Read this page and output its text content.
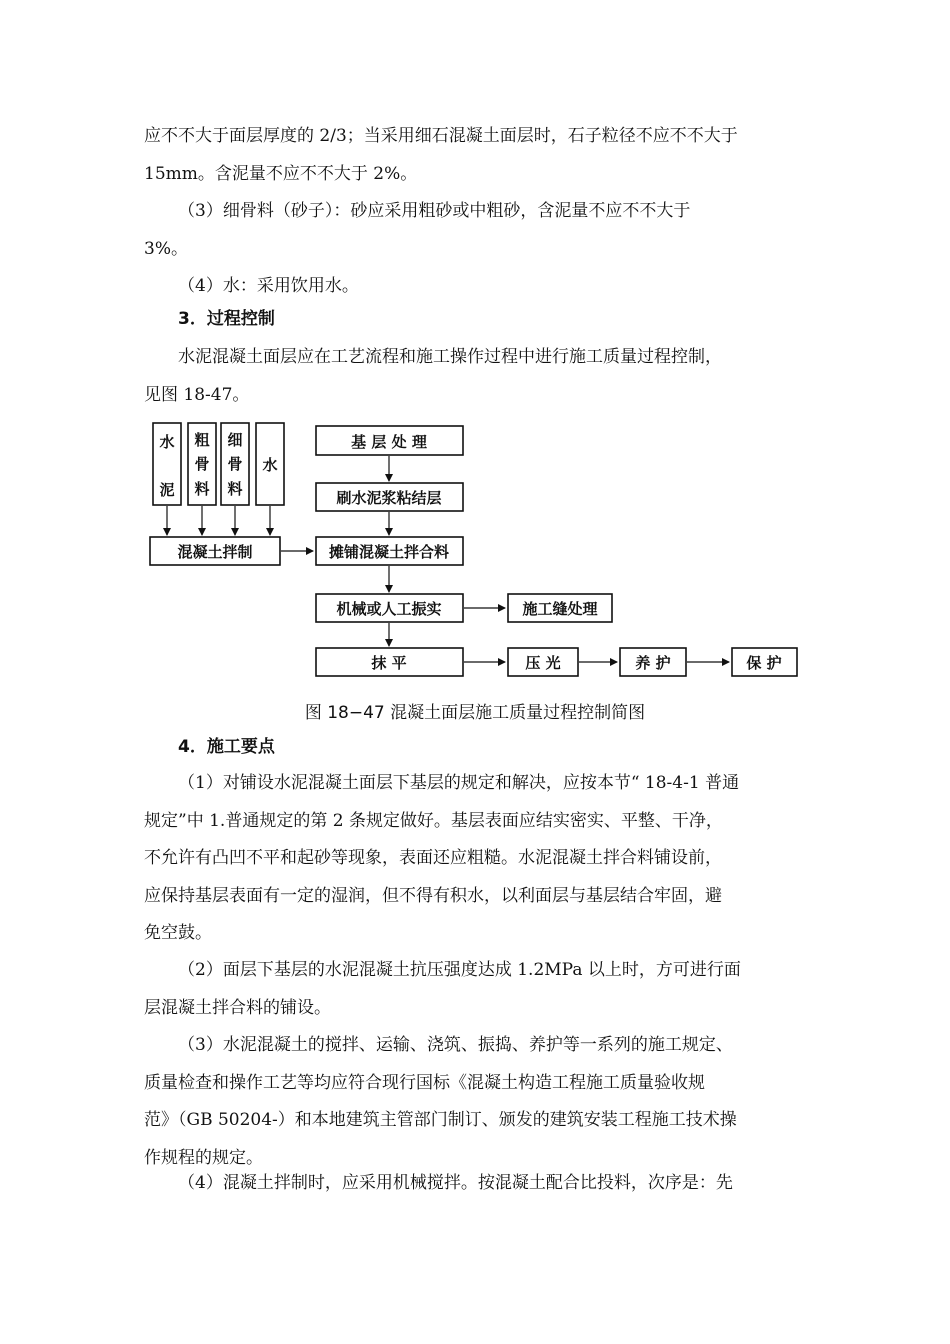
应不不大于面层厚度的 2/3；当采用细石混凝土面层时，石子粒径不应不不大于
15mm。含泥量不应不不大于 2%。

（3）细骨料（砂子）：砂应采用粗砂或中粗砂，含泥量不应不不大于
3%。

（4）水：采用饮用水。

3．过程控制

水泥混凝土面层应在工艺流程和施工操作过程中进行施工质量过程控制，
见图 18-47。

水
泥
粗
骨
料
细
骨
料
水
混凝土拌制
基 层 处 理
刷水泥浆粘结层
摊铺混凝土拌合料
机械或人工振实	施工缝处理
抹 平	压 光	养 护	保 护
图 18−47 混凝土面层施工质量过程控制简图
4．施工要点

（1）对铺设水泥混凝土面层下基层的规定和解决，应按本节“ 18-4-1 普通
规定”中 1.普通规定的第 2 条规定做好。基层表面应结实密实、平整、干净，
不允许有凸凹不平和起砂等现象，表面还应粗糙。水泥混凝土拌合料铺设前，
应保持基层表面有一定的湿润，但不得有积水，以利面层与基层结合牢固，避
免空鼓。

（2）面层下基层的水泥混凝土抗压强度达成 1.2MPa 以上时，方可进行面
层混凝土拌合料的铺设。

（3）水泥混凝土的搅拌、运输、浇筑、振捣、养护等一系列的施工规定、
质量检查和操作工艺等均应符合现行国标《混凝土构造工程施工质量验收规
范》（GB 50204-）和本地建筑主管部门制订、颁发的建筑安装工程施工技术操
作规程的规定。

（4）混凝土拌制时，应采用机械搅拌。按混凝土配合比投料，次序是：先
